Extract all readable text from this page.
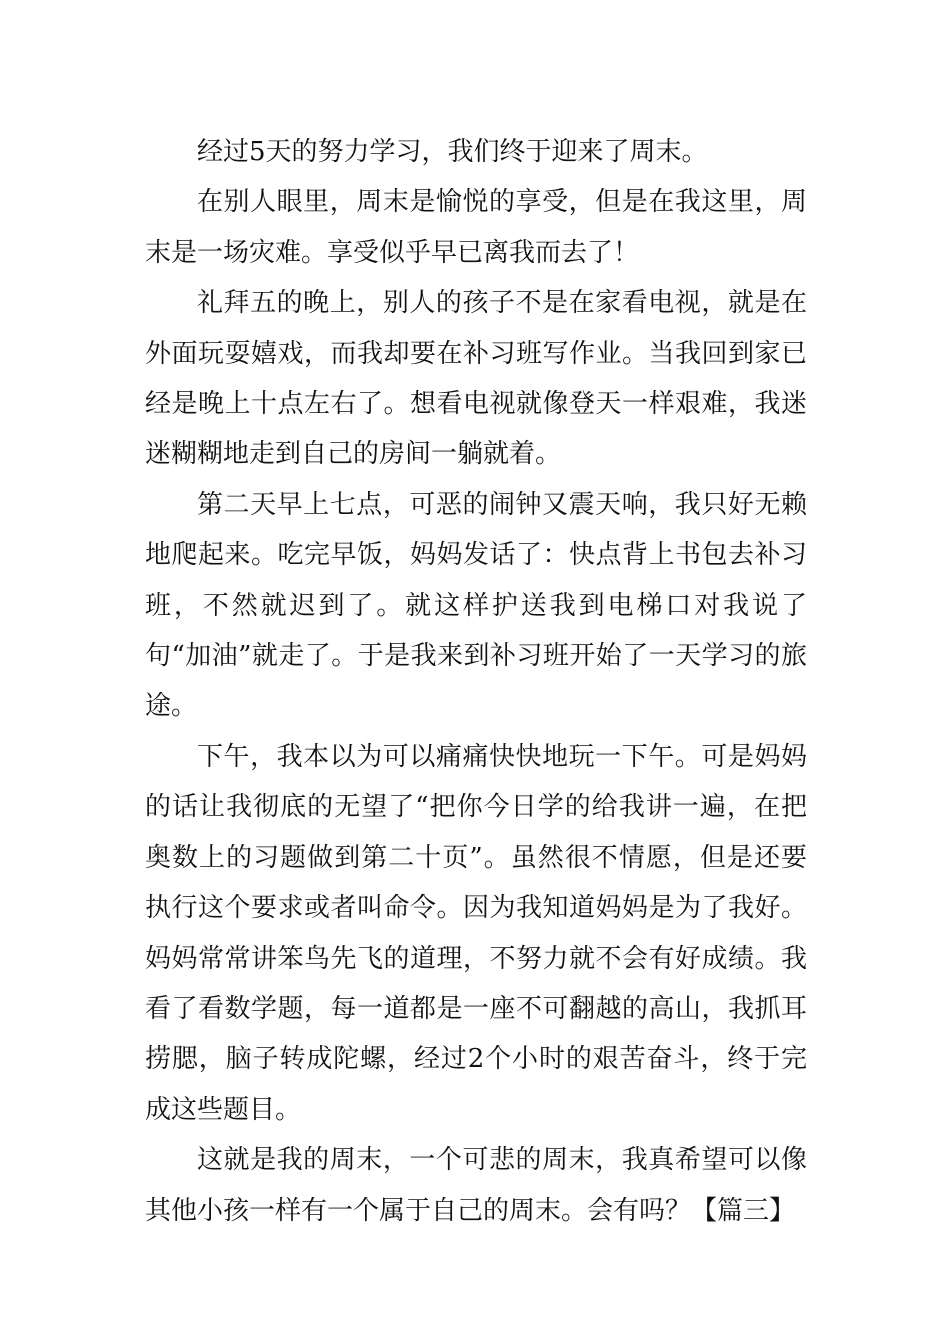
经过5天的努力学习，我们终于迎来了周末。

在别人眼里，周末是愉悦的享受，但是在我这里，周末是一场灾难。享受似乎早已离我而去了！

礼拜五的晚上，别人的孩子不是在家看电视，就是在外面玩耍嬉戏，而我却要在补习班写作业。当我回到家已经是晚上十点左右了。想看电视就像登天一样艰难，我迷迷糊糊地走到自己的房间一躺就着。

第二天早上七点，可恶的闹钟又震天响，我只好无赖地爬起来。吃完早饭，妈妈发话了：快点背上书包去补习班，不然就迟到了。就这样护送我到电梯口对我说了句“加油”就走了。于是我来到补习班开始了一天学习的旅途。

下午，我本以为可以痛痛快快地玩一下午。可是妈妈的话让我彻底的无望了“把你今日学的给我讲一遍，在把奥数上的习题做到第二十页”。虽然很不情愿，但是还要执行这个要求或者叫命令。因为我知道妈妈是为了我好。妈妈常常讲笨鸟先飞的道理，不努力就不会有好成绩。我看了看数学题，每一道都是一座不可翻越的高山，我抓耳捞腮，脑子转成陀螺，经过2个小时的艰苦奋斗，终于完成这些题目。

这就是我的周末，一个可悲的周末，我真希望可以像其他小孩一样有一个属于自己的周末。会有吗？【篇三】
